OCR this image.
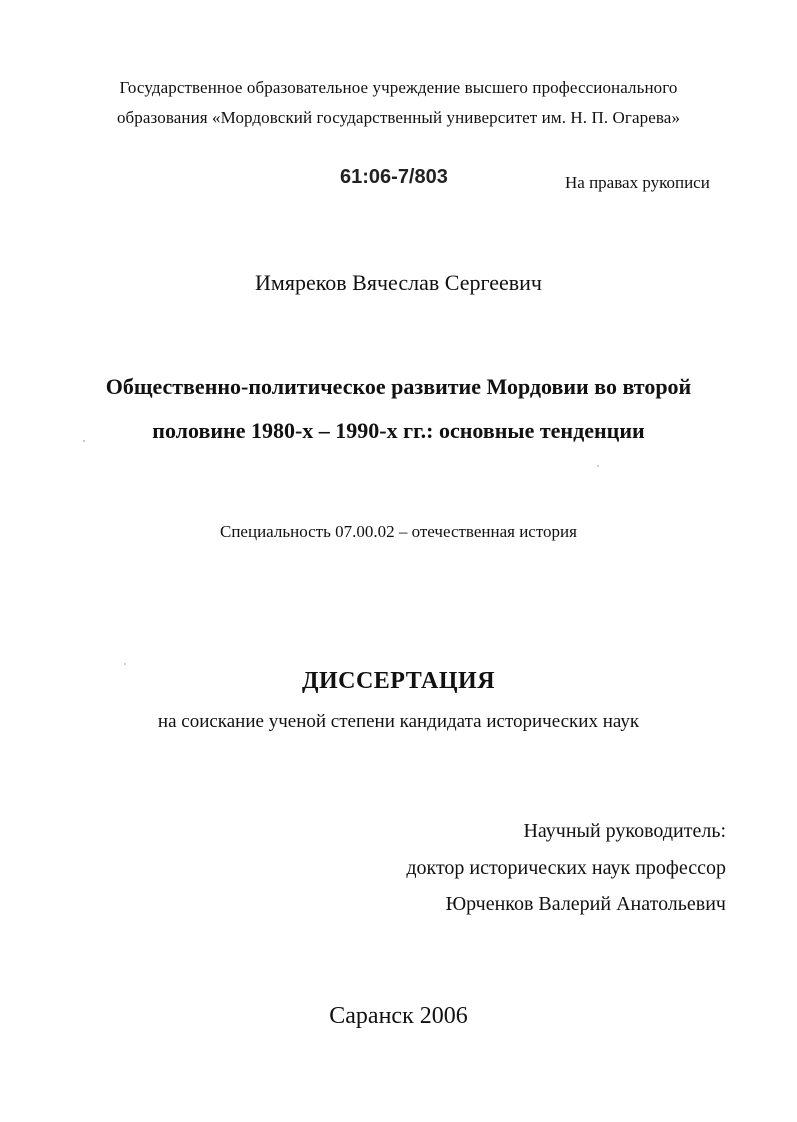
Государственное образовательное учреждение высшего профессионального
образования «Мордовский государственный университет им. Н. П. Огарева»
61:06-7/803	На правах рукописи
Имяреков Вячеслав Сергеевич
Общественно-политическое развитие Мордовии во второй
половине 1980-х – 1990-х гг.: основные тенденции
Специальность 07.00.02 – отечественная история
ДИССЕРТАЦИЯ
на соискание ученой степени кандидата исторических наук
Научный руководитель:
доктор исторических наук профессор
Юрченков Валерий Анатольевич
Саранск 2006
